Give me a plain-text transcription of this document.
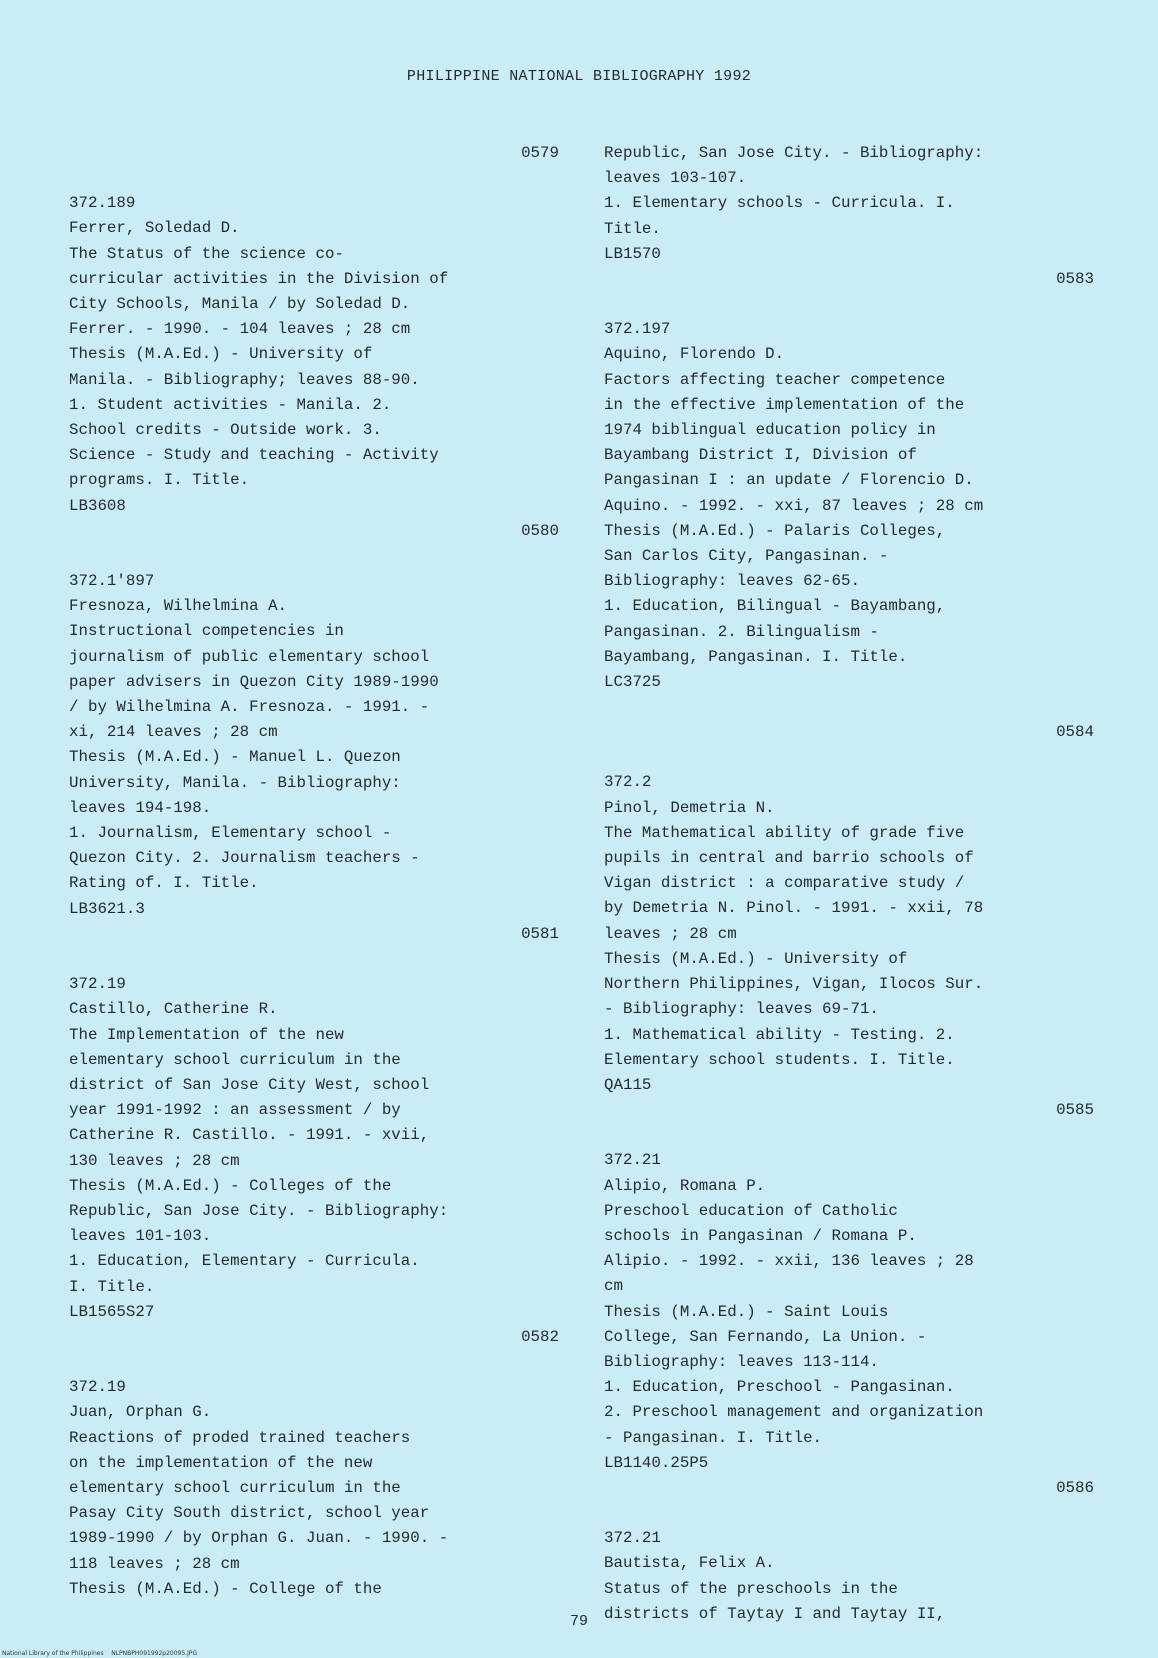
PHILIPPINE NATIONAL BIBLIOGRAPHY 1992
0579
372.189
Ferrer, Soledad D.
The Status of the science co-
curricular activities in the Division of
City Schools, Manila / by Soledad D.
Ferrer. - 1990. - 104 leaves ; 28 cm
Thesis (M.A.Ed.) - University of
Manila. - Bibliography; leaves 88-90.
1. Student activities - Manila. 2.
School credits - Outside work. 3.
Science - Study and teaching - Activity
programs. I. Title.
LB3608
0580
372.1'897
Fresnoza, Wilhelmina A.
Instructional competencies in
journalism of public elementary school
paper advisers in Quezon City 1989-1990
/ by Wilhelmina A. Fresnoza. - 1991. -
xi, 214 leaves ; 28 cm
Thesis (M.A.Ed.) - Manuel L. Quezon
University, Manila. - Bibliography:
leaves 194-198.
1. Journalism, Elementary school -
Quezon City. 2. Journalism teachers -
Rating of. I. Title.
LB3621.3
0581
372.19
Castillo, Catherine R.
The Implementation of the new
elementary school curriculum in the
district of San Jose City West, school
year 1991-1992 : an assessment / by
Catherine R. Castillo. - 1991. - xvii,
130 leaves ; 28 cm
Thesis (M.A.Ed.) - Colleges of the
Republic, San Jose City. - Bibliography:
leaves 101-103.
1. Education, Elementary - Curricula.
I. Title.
LB1565S27
0582
372.19
Juan, Orphan G.
Reactions of proded trained teachers
on the implementation of the new
elementary school curriculum in the
Pasay City South district, school year
1989-1990 / by Orphan G. Juan. - 1990. -
118 leaves ; 28 cm
Thesis (M.A.Ed.) - College of the
Republic, San Jose City. - Bibliography:
leaves 103-107.
1. Elementary schools - Curricula. I.
Title.
LB1570
0583
372.197
Aquino, Florendo D.
Factors affecting teacher competence
in the effective implementation of the
1974 biblingual education policy in
Bayambang District I, Division of
Pangasinan I : an update / Florencio D.
Aquino. - 1992. - xxi, 87 leaves ; 28 cm
Thesis (M.A.Ed.) - Palaris Colleges,
San Carlos City, Pangasinan. -
Bibliography: leaves 62-65.
1. Education, Bilingual - Bayambang,
Pangasinan. 2. Bilingualism -
Bayambang, Pangasinan. I. Title.
LC3725
0584
372.2
Pinol, Demetria N.
The Mathematical ability of grade five
pupils in central and barrio schools of
Vigan district : a comparative study /
by Demetria N. Pinol. - 1991. - xxii, 78
leaves ; 28 cm
Thesis (M.A.Ed.) - University of
Northern Philippines, Vigan, Ilocos Sur.
- Bibliography: leaves 69-71.
1. Mathematical ability - Testing. 2.
Elementary school students. I. Title.
QA115
0585
372.21
Alipio, Romana P.
Preschool education of Catholic
schools in Pangasinan / Romana P.
Alipio. - 1992. - xxii, 136 leaves ; 28
cm
Thesis (M.A.Ed.) - Saint Louis
College, San Fernando, La Union. -
Bibliography: leaves 113-114.
1. Education, Preschool - Pangasinan.
2. Preschool management and organization
- Pangasinan. I. Title.
LB1140.25P5
0586
372.21
Bautista, Felix A.
Status of the preschools in the
districts of Taytay I and Taytay II,
79
National Library of the Philippines    NLPNBPH091992p20095.JPG
